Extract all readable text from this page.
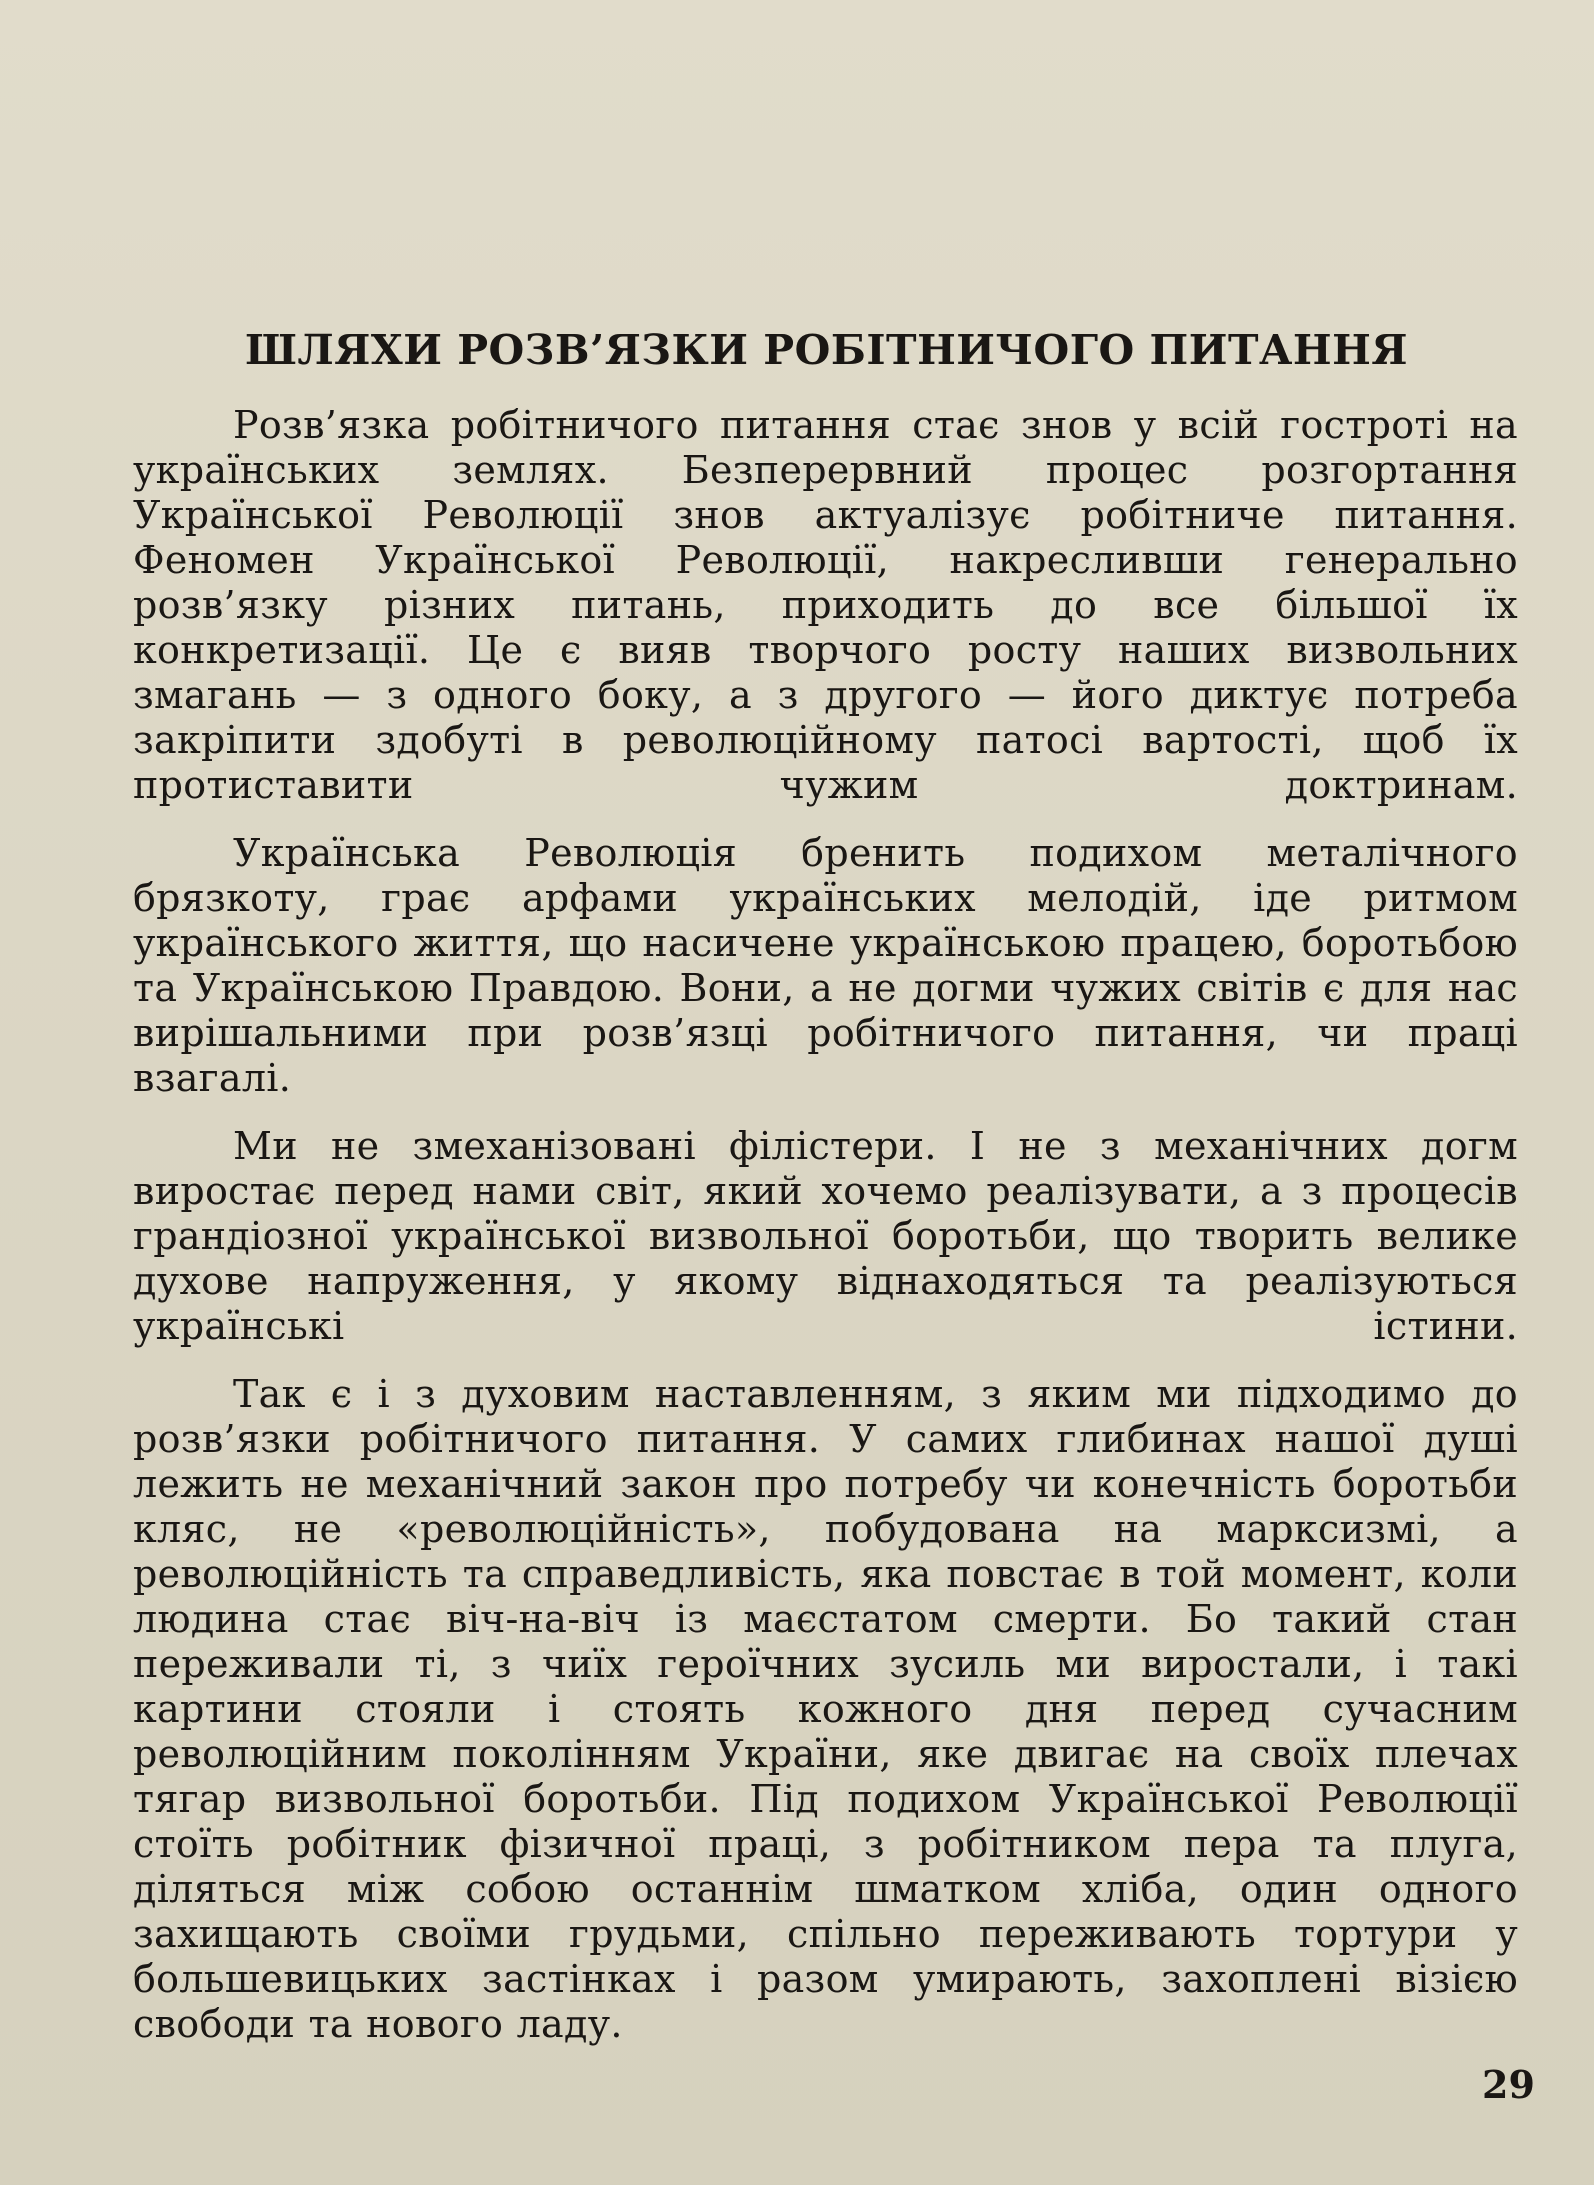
ШЛЯХИ РОЗВ’ЯЗКИ РОБІТНИЧОГО ПИТАННЯ

Розв’язка робітничого питання стає знов у всій гостроті на українських землях. Безперервний процес розгортання Української Революції знов актуалізує робітниче питання. Феномен Української Революції, накресливши генерально розв’язку різних питань, приходить до все більшої їх конкретизації. Це є вияв творчого росту наших визвольних змагань — з одного боку, а з другого — його диктує потреба закріпити здобуті в революційному патосі вартості, щоб їх протиставити чужим доктринам.

Українська Революція бренить подихом металічного брязкоту, грає арфами українських мелодій, іде ритмом українського життя, що насичене українською працею, боротьбою та Українською Правдою. Вони, а не догми чужих світів є для нас вирішальними при розв’язці робітничого питання, чи праці взагалі.

Ми не змеханізовані філістери. І не з механічних догм виростає перед нами світ, який хочемо реалізувати, а з процесів грандіозної української визвольної боротьби, що творить велике духове напруження, у якому віднаходяться та реалізуються українські істини.

Так є і з духовим наставленням, з яким ми підходимо до розв’язки робітничого питання. У самих глибинах нашої душі лежить не механічний закон про потребу чи конечність боротьби кляс, не «революційність», побудована на марксизмі, а революційність та справедливість, яка повстає в той момент, коли людина стає віч-на-віч із маєстатом смерти. Бо такий стан переживали ті, з чиїх героїчних зусиль ми виростали, і такі картини стояли і стоять кожного дня перед сучасним революційним поколінням України, яке двигає на своїх плечах тягар визвольної боротьби. Під подихом Української Революції стоїть робітник фізичної праці, з робітником пера та плуга, діляться між собою останнім шматком хліба, один одного захищають своїми грудьми, спільно переживають тортури у большевицьких застінках і разом умирають, захоплені візією свободи та нового ладу.

29
